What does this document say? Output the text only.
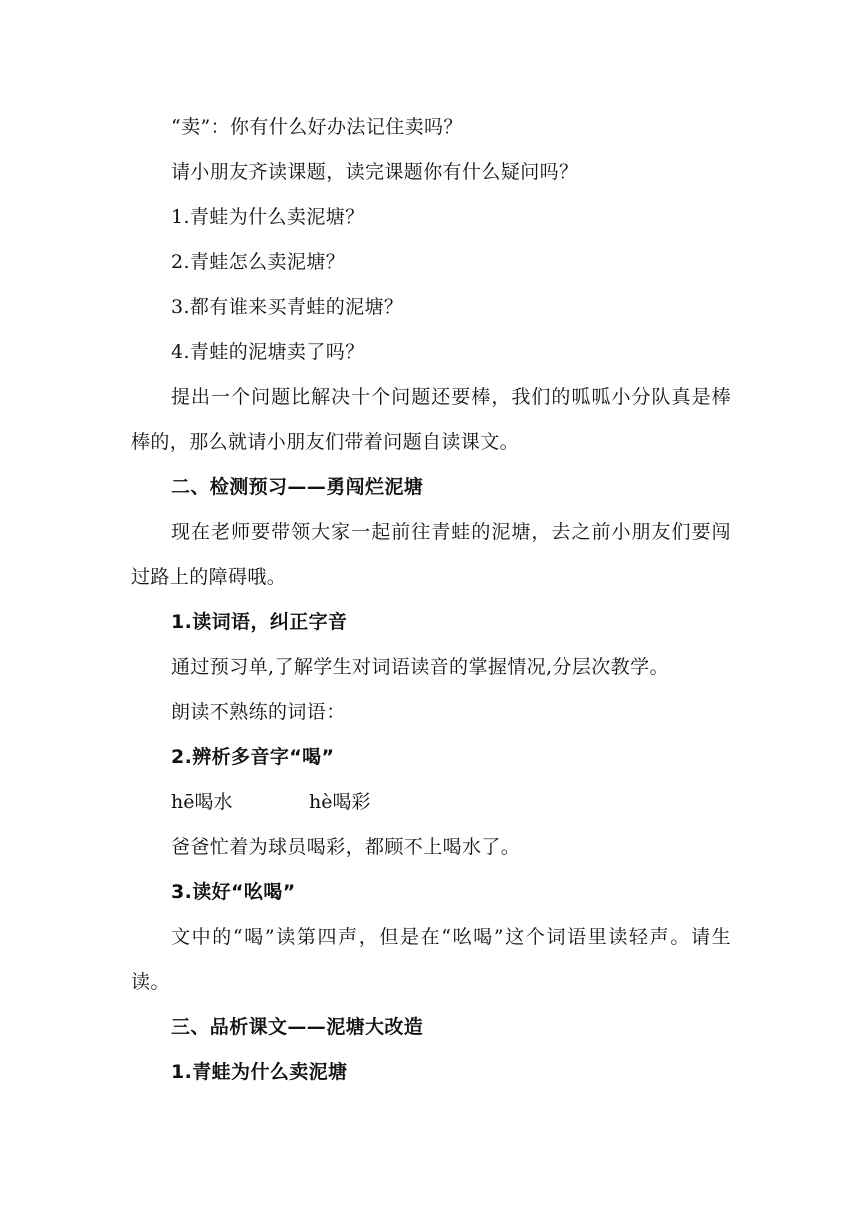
“卖”：你有什么好办法记住卖吗？
请小朋友齐读课题，读完课题你有什么疑问吗？
1.青蛙为什么卖泥塘？
2.青蛙怎么卖泥塘？
3.都有谁来买青蛙的泥塘？
4.青蛙的泥塘卖了吗？
提出一个问题比解决十个问题还要棒，我们的呱呱小分队真是棒棒的，那么就请小朋友们带着问题自读课文。
二、检测预习——勇闯烂泥塘
现在老师要带领大家一起前往青蛙的泥塘，去之前小朋友们要闯过路上的障碍哦。
1.读词语，纠正字音
通过预习单,了解学生对词语读音的掌握情况,分层次教学。
朗读不熟练的词语：
2.辨析多音字“喝”
hē喝水	hè喝彩
爸爸忙着为球员喝彩，都顾不上喝水了。
3.读好“吆喝”
文中的“喝”读第四声，但是在“吆喝”这个词语里读轻声。请生读。
三、品析课文——泥塘大改造
1.青蛙为什么卖泥塘
